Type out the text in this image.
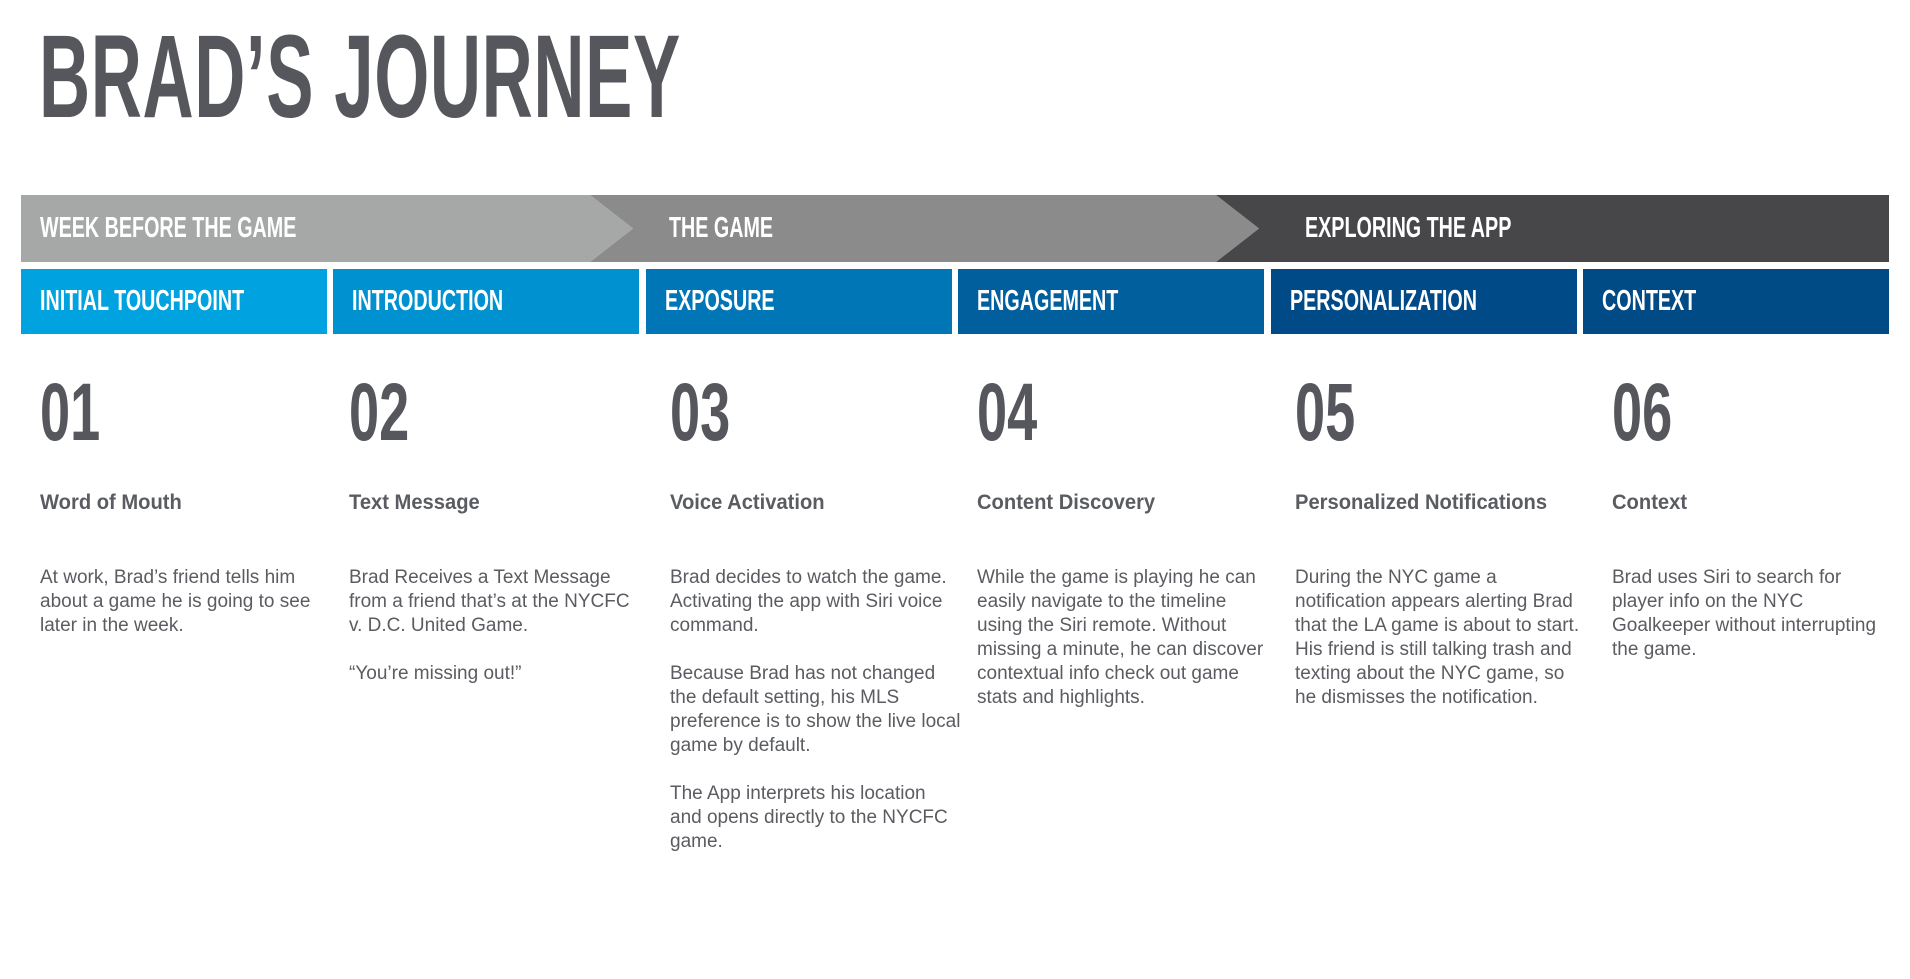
BRAD’S JOURNEY
WEEK BEFORE THE GAME	THE GAME	EXPLORING THE APP
INITIAL TOUCHPOINT	INTRODUCTION	EXPOSURE	ENGAGEMENT	PERSONALIZATION	CONTEXT
01
Word of Mouth

At work, Brad’s friend tells him about a game he is going to see later in the week.

02
Text Message

Brad Receives a Text Message from a friend that’s at the NYCFC v. D.C. United Game.

“You’re missing out!”

03
Voice Activation

Brad decides to watch the game. Activating the app with Siri voice command.

Because Brad has not changed the default setting, his MLS preference is to show the live local game by default.

The App interprets his location and opens directly to the NYCFC game.

04
Content Discovery

While the game is playing he can easily navigate to the timeline using the Siri remote. Without missing a minute, he can discover contextual info check out game stats and highlights.

05
Personalized Notifications

During the NYC game a notification appears alerting Brad that the LA game is about to start. His friend is still talking trash and texting about the NYC game, so he dismisses the notification.

06
Context

Brad uses Siri to search for player info on the NYC Goalkeeper without interrupting the game.
